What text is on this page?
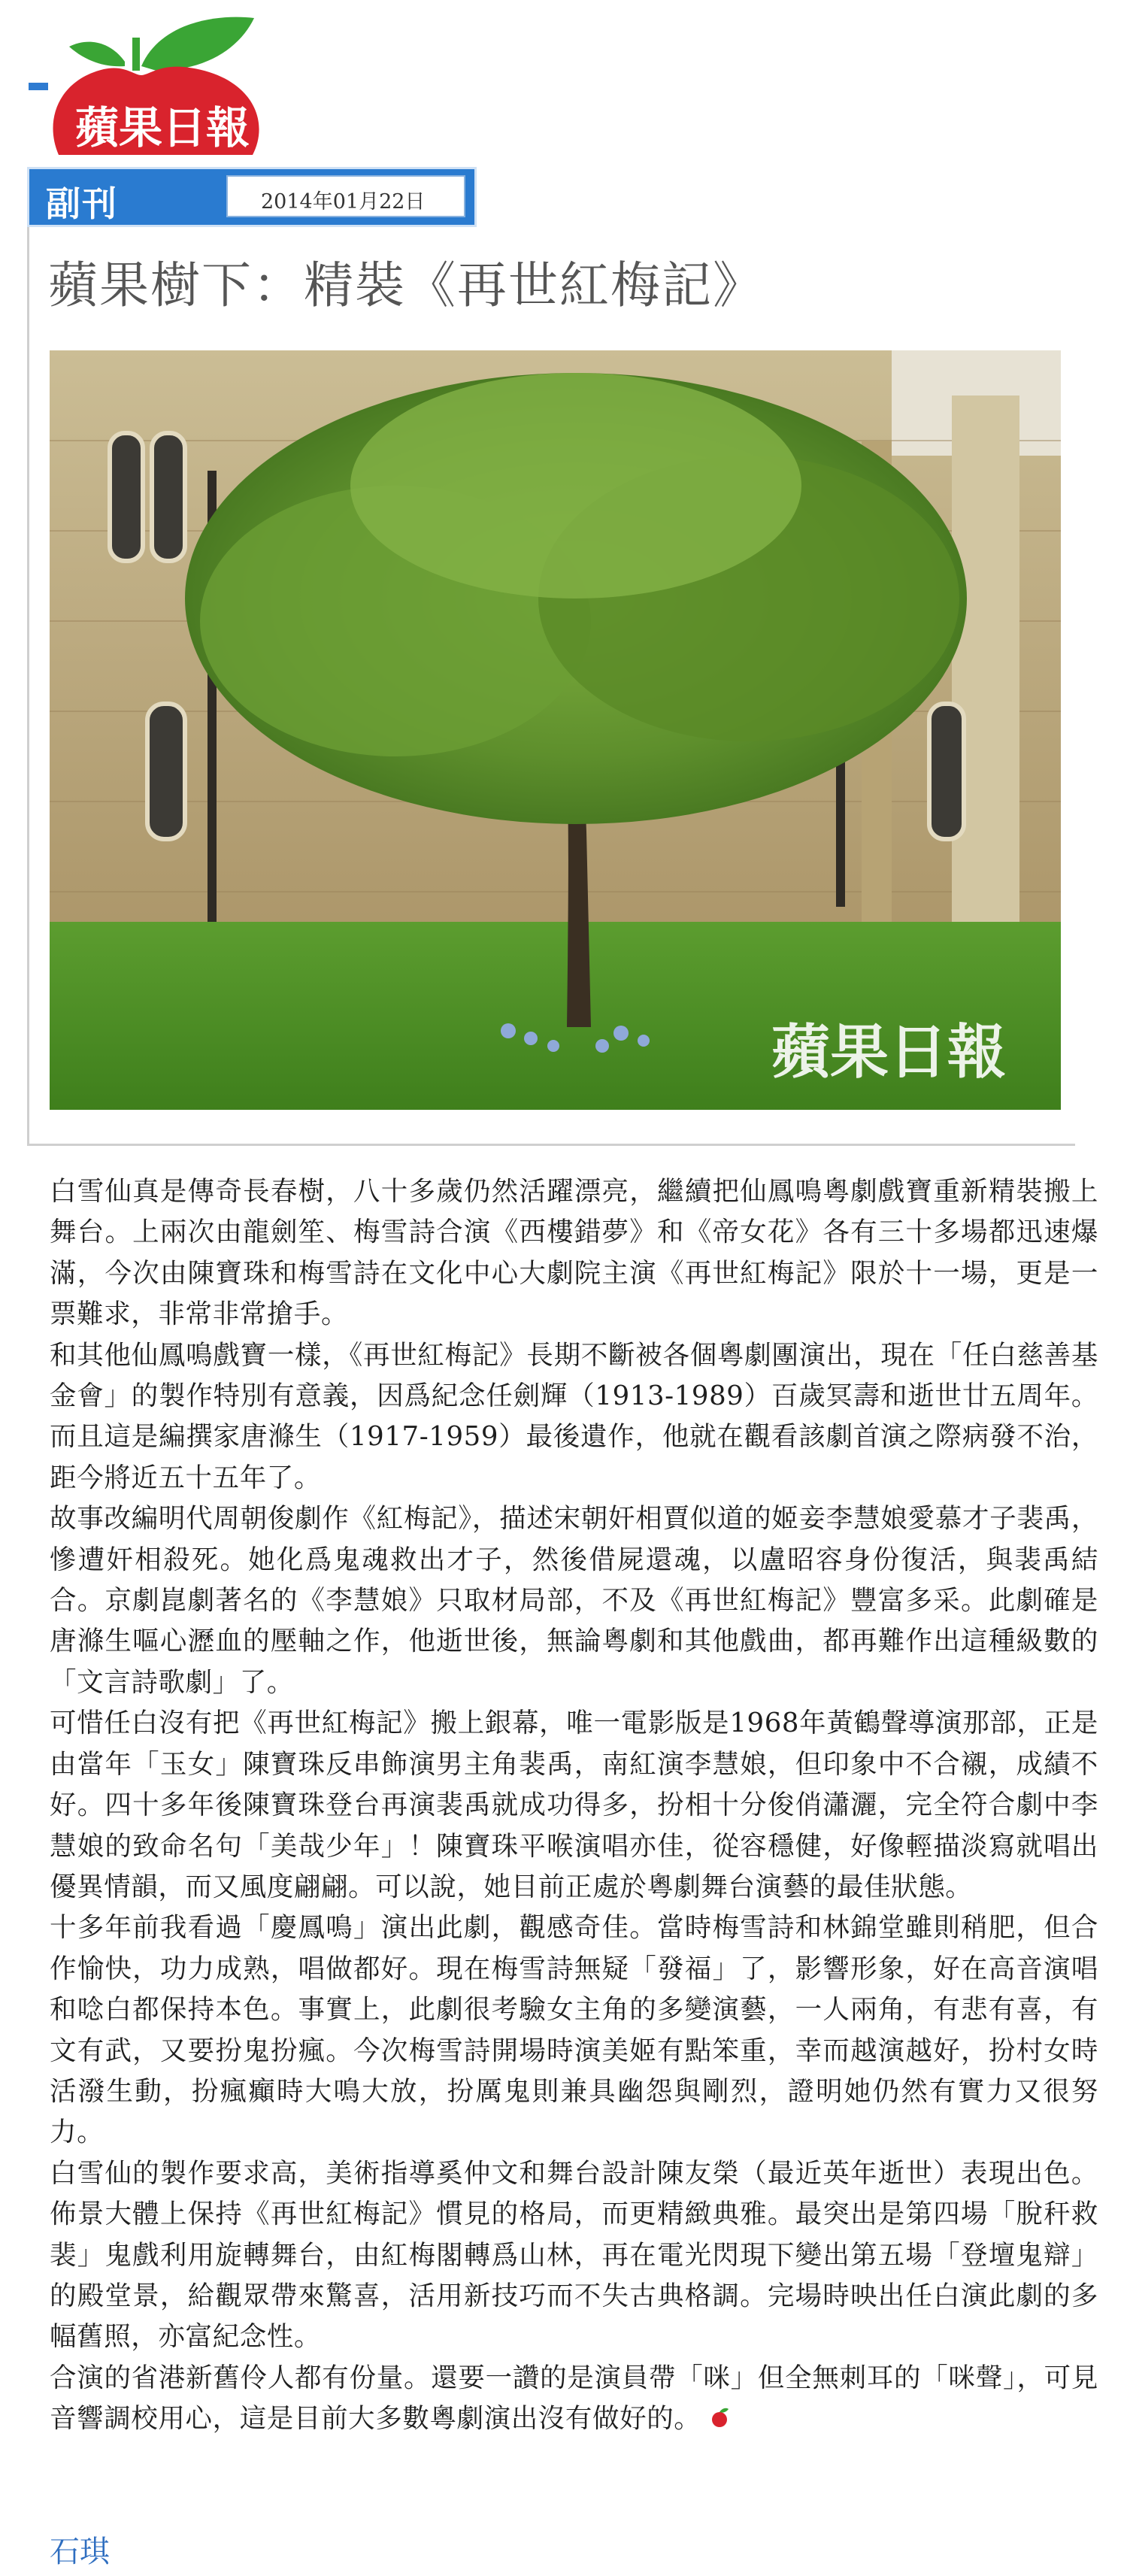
蘋果日報
副刊	2014年01月22日
蘋果樹下：精裝《再世紅梅記》
蘋果日報

白雪仙真是傳奇長春樹，八十多歲仍然活躍漂亮，繼續把仙鳳鳴粵劇戲寶重新精裝搬上舞台。上兩次由龍劍笙、梅雪詩合演《西樓錯夢》和《帝女花》各有三十多場都迅速爆滿，今次由陳寶珠和梅雪詩在文化中心大劇院主演《再世紅梅記》限於十一場，更是一票難求，非常非常搶手。

和其他仙鳳鳴戲寶一樣，《再世紅梅記》長期不斷被各個粵劇團演出，現在「任白慈善基金會」的製作特別有意義，因爲紀念任劍輝（1913-1989）百歲冥壽和逝世廿五周年。而且這是編撰家唐滌生（1917-1959）最後遺作，他就在觀看該劇首演之際病發不治，距今將近五十五年了。

故事改編明代周朝俊劇作《紅梅記》，描述宋朝奸相賈似道的姬妾李慧娘愛慕才子裴禹，慘遭奸相殺死。她化爲鬼魂救出才子，然後借屍還魂，以盧昭容身份復活，與裴禹結合。京劇崑劇著名的《李慧娘》只取材局部，不及《再世紅梅記》豐富多采。此劇確是唐滌生嘔心瀝血的壓軸之作，他逝世後，無論粵劇和其他戲曲，都再難作出這種級數的「文言詩歌劇」了。

可惜任白沒有把《再世紅梅記》搬上銀幕，唯一電影版是1968年黃鶴聲導演那部，正是由當年「玉女」陳寶珠反串飾演男主角裴禹，南紅演李慧娘，但印象中不合襯，成績不好。四十多年後陳寶珠登台再演裴禹就成功得多，扮相十分俊俏瀟灑，完全符合劇中李慧娘的致命名句「美哉少年」！陳寶珠平喉演唱亦佳，從容穩健，好像輕描淡寫就唱出優異情韻，而又風度翩翩。可以說，她目前正處於粵劇舞台演藝的最佳狀態。

十多年前我看過「慶鳳鳴」演出此劇，觀感奇佳。當時梅雪詩和林錦堂雖則稍肥，但合作愉快，功力成熟，唱做都好。現在梅雪詩無疑「發福」了，影響形象，好在高音演唱和唸白都保持本色。事實上，此劇很考驗女主角的多變演藝，一人兩角，有悲有喜，有文有武，又要扮鬼扮瘋。今次梅雪詩開場時演美姬有點笨重，幸而越演越好，扮村女時活潑生動，扮瘋癲時大鳴大放，扮厲鬼則兼具幽怨與剛烈，證明她仍然有實力又很努力。

白雪仙的製作要求高，美術指導奚仲文和舞台設計陳友榮（最近英年逝世）表現出色。佈景大體上保持《再世紅梅記》慣見的格局，而更精緻典雅。最突出是第四場「脫秆救裴」鬼戲利用旋轉舞台，由紅梅閣轉爲山林，再在電光閃現下變出第五場「登壇鬼辯」的殿堂景，給觀眾帶來驚喜，活用新技巧而不失古典格調。完場時映出任白演此劇的多幅舊照，亦富紀念性。

合演的省港新舊伶人都有份量。還要一讚的是演員帶「咪」但全無刺耳的「咪聲」，可見音響調校用心，這是目前大多數粵劇演出沒有做好的。

石琪
